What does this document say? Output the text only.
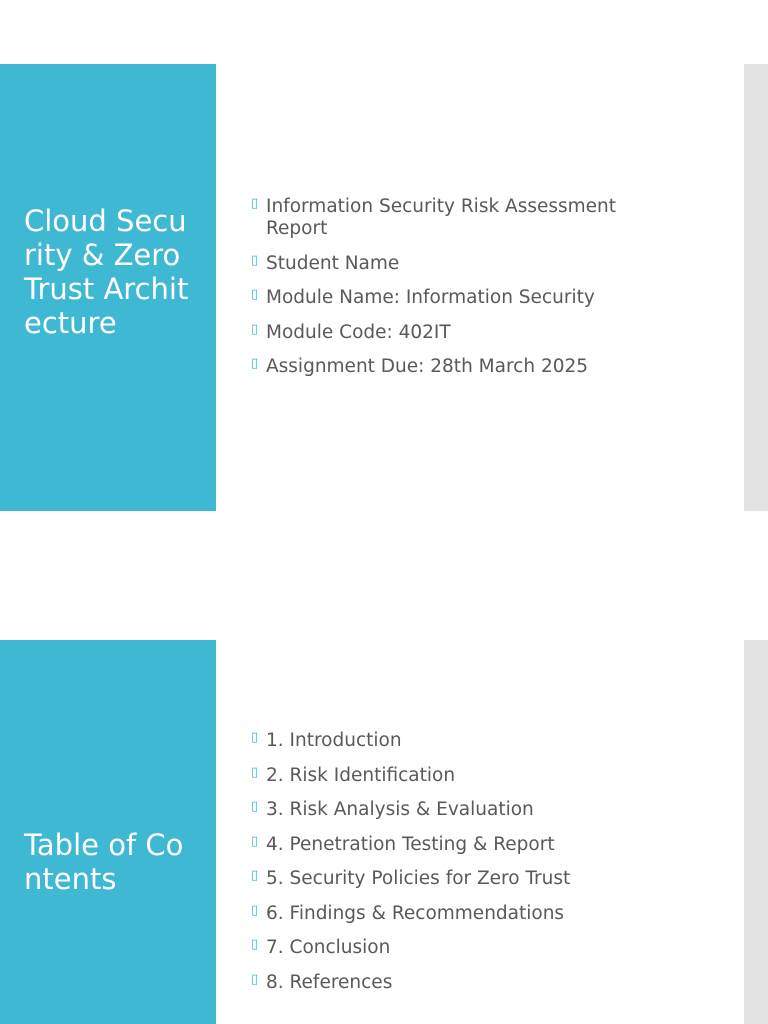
Cloud Security & Zero Trust Architecture
▯ Information Security Risk Assessment Report
▯ Student Name
▯ Module Name: Information Security
▯ Module Code: 402IT
▯ Assignment Due: 28th March 2025
Table of Contents
▯ 1. Introduction
▯ 2. Risk Identification
▯ 3. Risk Analysis & Evaluation
▯ 4. Penetration Testing & Report
▯ 5. Security Policies for Zero Trust
▯ 6. Findings & Recommendations
▯ 7. Conclusion
▯ 8. References
